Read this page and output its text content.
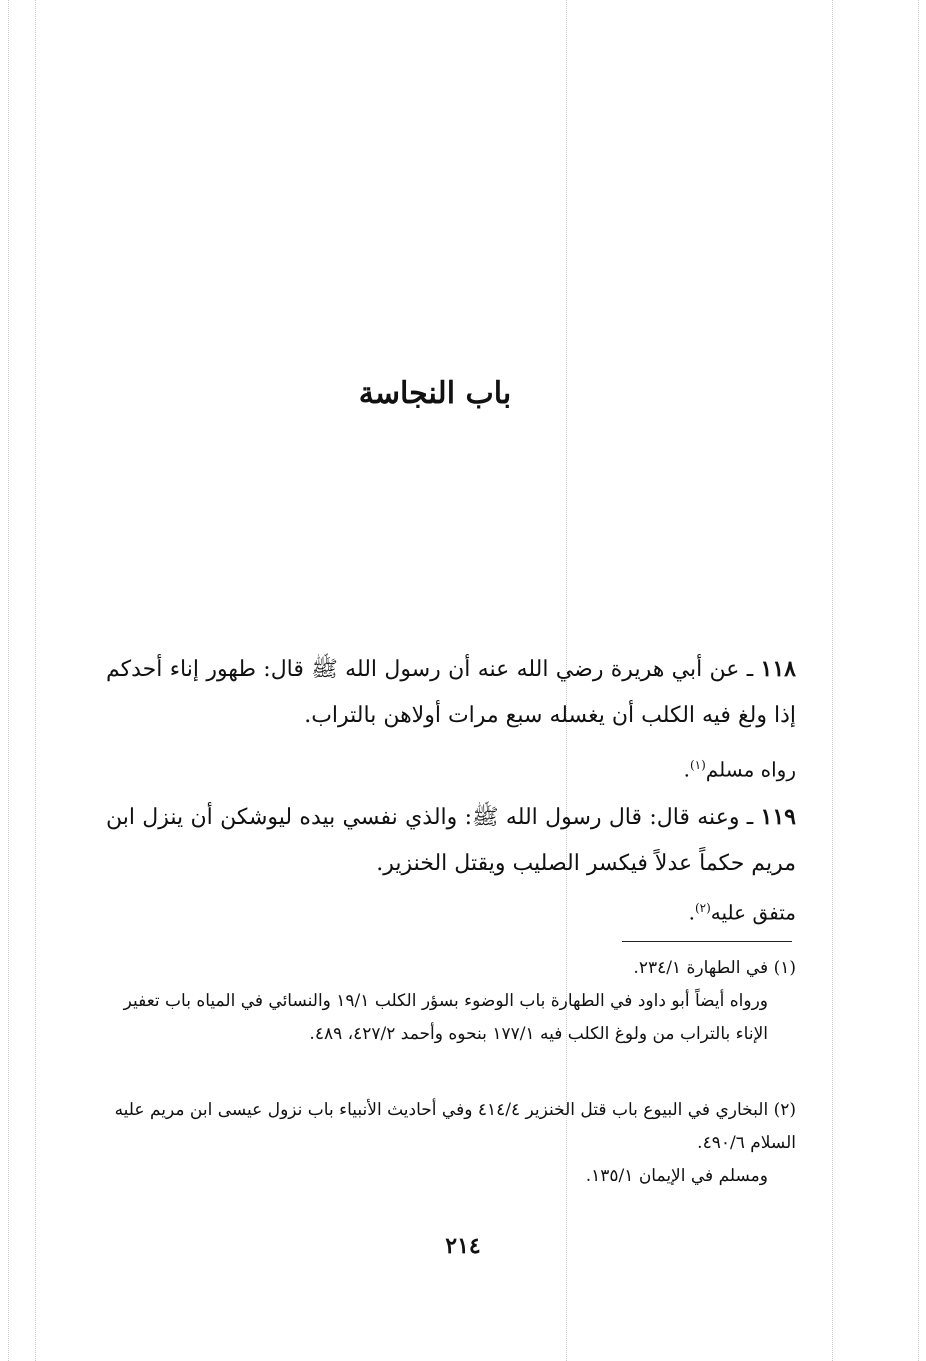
باب النجاسة
١١٨ ـ عن أبي هريرة رضي الله عنه أن رسول الله ﷺ قال: طهور إناء أحدكم إذا ولغ فيه الكلب أن يغسله سبع مرات أولاهن بالتراب.
رواه مسلم$^{(١)}$.
١١٩ ـ وعنه قال: قال رسول الله ﷺ: والذي نفسي بيده ليوشكن أن ينزل ابن مريم حكماً عدلاً فيكسر الصليب ويقتل الخنزير.
متفق عليه$^{(٢)}$.
(١) في الطهارة ٢٣٤/١.
ورواه أيضاً أبو داود في الطهارة باب الوضوء بسؤر الكلب ١٩/١ والنسائي في المياه باب تعفير الإناء بالتراب من ولوغ الكلب فيه ١٧٧/١ بنحوه وأحمد ٤٢٧/٢، ٤٨٩.
(٢) البخاري في البيوع باب قتل الخنزير ٤١٤/٤ وفي أحاديث الأنبياء باب نزول عيسى ابن مريم عليه السلام ٤٩٠/٦.
ومسلم في الإيمان ١٣٥/١.
٢١٤
